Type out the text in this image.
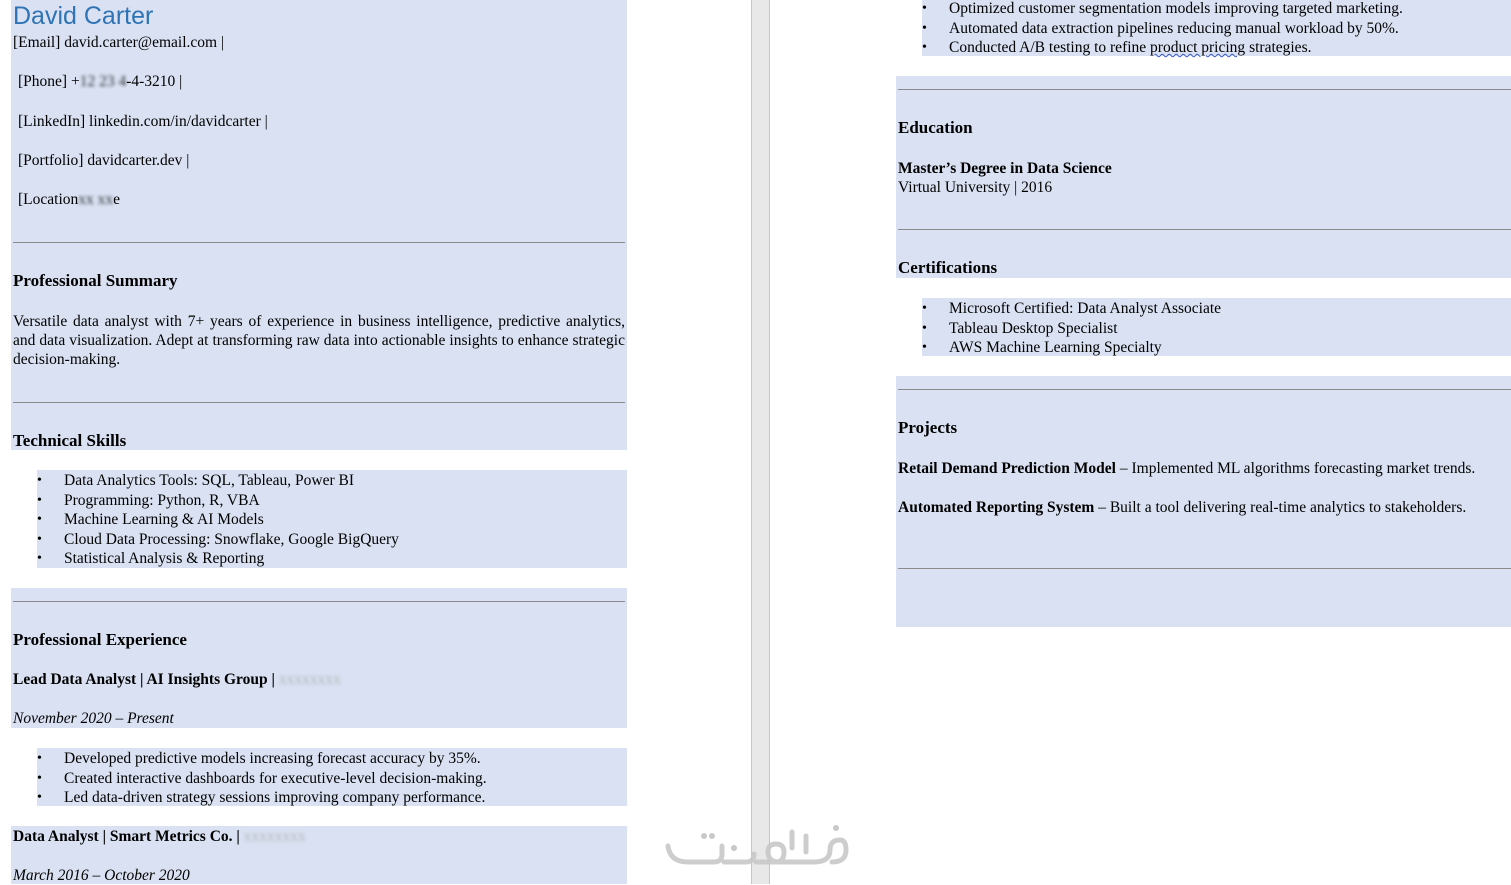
David Carter
[Email] david.carter@email.com |
[Phone] +12 23 4-4-3210 |
[LinkedIn] linkedin.com/in/davidcarter |
[Portfolio] davidcarter.dev |
[Locationxx xxe
Professional Summary
Versatile data analyst with 7+ years of experience in business intelligence, predictive analytics, and data visualization. Adept at transforming raw data into actionable insights to enhance strategic decision-making.
Technical Skills
• Data Analytics Tools: SQL, Tableau, Power BI
• Programming: Python, R, VBA
• Machine Learning & AI Models
• Cloud Data Processing: Snowflake, Google BigQuery
• Statistical Analysis & Reporting
Professional Experience
Lead Data Analyst | AI Insights Group | xxxxxxxx
November 2020 – Present
• Developed predictive models increasing forecast accuracy by 35%.
• Created interactive dashboards for executive-level decision-making.
• Led data-driven strategy sessions improving company performance.
Data Analyst | Smart Metrics Co. | xxxxxxxx
March 2016 – October 2020
• Optimized customer segmentation models improving targeted marketing.
• Automated data extraction pipelines reducing manual workload by 50%.
• Conducted A/B testing to refine product pricing strategies.
Education
Master’s Degree in Data Science
Virtual University | 2016
Certifications
• Microsoft Certified: Data Analyst Associate
• Tableau Desktop Specialist
• AWS Machine Learning Specialty
Projects
Retail Demand Prediction Model – Implemented ML algorithms forecasting market trends.
Automated Reporting System – Built a tool delivering real-time analytics to stakeholders.
